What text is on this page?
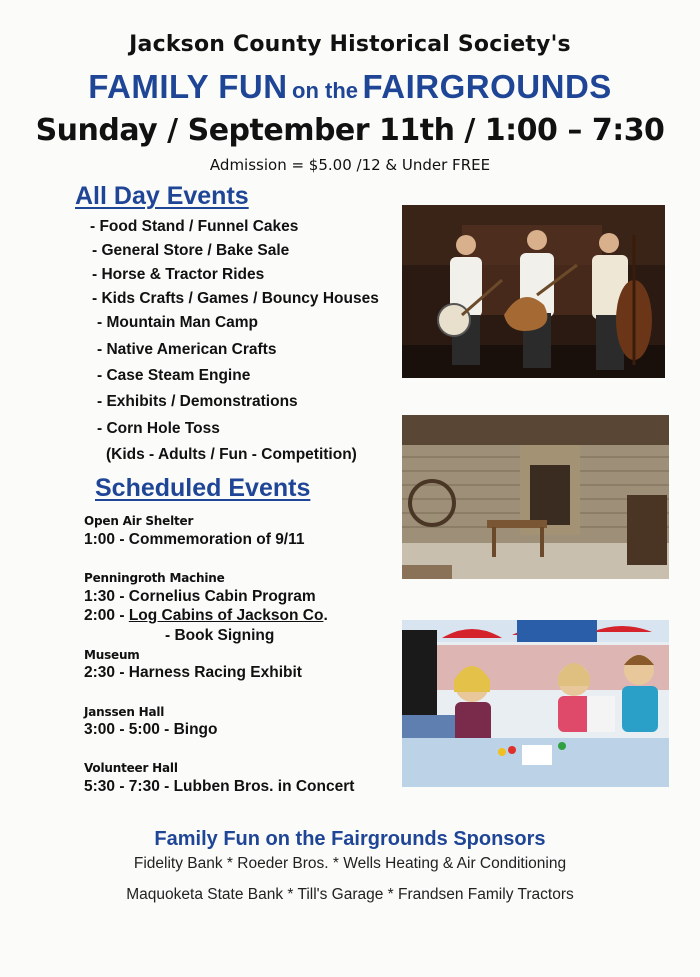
Jackson County Historical Society's
FAMILY FUN on the FAIRGROUNDS
Sunday / September 11th / 1:00 – 7:30
Admission = $5.00 /12 & Under FREE
All Day Events
- Food Stand / Funnel Cakes
- General Store / Bake Sale
- Horse & Tractor Rides
- Kids Crafts / Games / Bouncy Houses
- Mountain Man Camp
- Native American Crafts
- Case Steam Engine
- Exhibits / Demonstrations
- Corn Hole Toss
(Kids - Adults / Fun - Competition)
Scheduled Events
Open Air Shelter
1:00 - Commemoration of 9/11
Penningroth Machine
1:30 - Cornelius Cabin Program
2:00 - Log Cabins of Jackson Co.
- Book Signing
Museum
2:30 - Harness Racing Exhibit
Janssen Hall
3:00 - 5:00 - Bingo
Volunteer Hall
5:30 - 7:30 - Lubben Bros. in Concert
Family Fun on the Fairgrounds Sponsors
Fidelity Bank * Roeder Bros. * Wells Heating & Air Conditioning
Maquoketa State Bank * Till's Garage * Frandsen Family Tractors
